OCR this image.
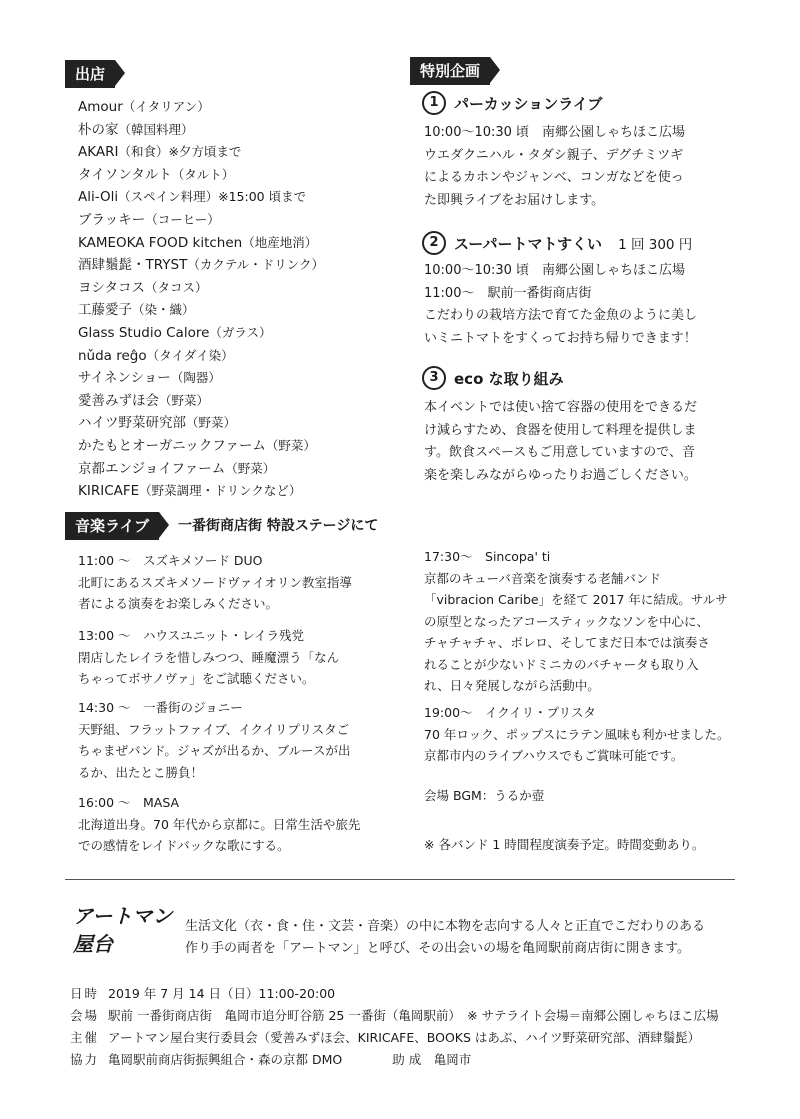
出店
Amour（イタリアン）
朴の家（韓国料理）
AKARI（和食）※夕方頃まで
タイソンタルト（タルト）
Ali-Oli（スペイン料理）※15:00 頃まで
ブラッキー（コーヒー）
KAMEOKA FOOD kitchen（地産地消）
酒肆鬚髭・TRYST（カクテル・ドリンク）
ヨシタコス（タコス）
工藤愛子（染・織）
Glass Studio Calore（ガラス）
nǔda reĝo（タイダイ染）
サイネンショー（陶器）
愛善みずほ会（野菜）
ハイツ野菜研究部（野菜）
かたもとオーガニックファーム（野菜）
京都エンジョイファーム（野菜）
KIRICAFE（野菜調理・ドリンクなど）
特別企画
1	パーカッションライブ
10:00～10:30 頃　南郷公園しゃちほこ広場
ウエダクニハル・タダシ親子、デグチミツギ
によるカホンやジャンベ、コンガなどを使っ
た即興ライブをお届けします。
2	スーパートマトすくい 1 回 300 円
10:00～10:30 頃　南郷公園しゃちほこ広場
11:00～　駅前一番街商店街
こだわりの栽培方法で育てた金魚のように美し
いミニトマトをすくってお持ち帰りできます！
3	eco な取り組み
本イベントでは使い捨て容器の使用をできるだ
け減らすため、食器を使用して料理を提供しま
す。飲食スペースもご用意していますので、音
楽を楽しみながらゆったりお過ごしください。
音楽ライブ	一番街商店街 特設ステージにて
11:00 ～　スズキメソード DUO
北町にあるスズキメソードヴァイオリン教室指導
者による演奏をお楽しみください。
13:00 ～　ハウスユニット・レイラ残党
閉店したレイラを惜しみつつ、睡魔漂う「なん
ちゃってボサノヴァ」をご試聴ください。
14:30 ～　一番街のジョニー
天野組、フラットファイブ、イクイリプリスタご
ちゃまぜバンド。ジャズが出るか、ブルースが出
るか、出たとこ勝負！
16:00 ～　MASA
北海道出身。70 年代から京都に。日常生活や旅先
での感情をレイドバックな歌にする。
17:30～　Sincopa' ti
京都のキューバ音楽を演奏する老舗バンド
「vibracion Caribe」を経て 2017 年に結成。サルサ
の原型となったアコースティックなソンを中心に、
チャチャチャ、ボレロ、そしてまだ日本では演奏さ
れることが少ないドミニカのバチャータも取り入
れ、日々発展しながら活動中。
19:00～　イクイリ・プリスタ
70 年ロック、ポップスにラテン風味も利かせました。
京都市内のライブハウスでもご賞味可能です。
会場 BGM：うるか壺
※ 各バンド 1 時間程度演奏予定。時間変動あり。
アートマン
屋台
生活文化（衣・食・住・文芸・音楽）の中に本物を志向する人々と正直でこだわりのある
作り手の両者を「アートマン」と呼び、その出会いの場を亀岡駅前商店街に開きます。
日時 2019 年 7 月 14 日（日）11:00-20:00
会場 駅前 一番街商店街　亀岡市追分町谷筋 25 一番街（亀岡駅前）　※ サテライト会場＝南郷公園しゃちほこ広場
主催 アートマン屋台実行委員会（愛善みずほ会、KIRICAFE、BOOKS はあぶ、ハイツ野菜研究部、酒肆鬚髭）
協力 亀岡駅前商店街振興組合・森の京都 DMO　　　　助 成　亀岡市
